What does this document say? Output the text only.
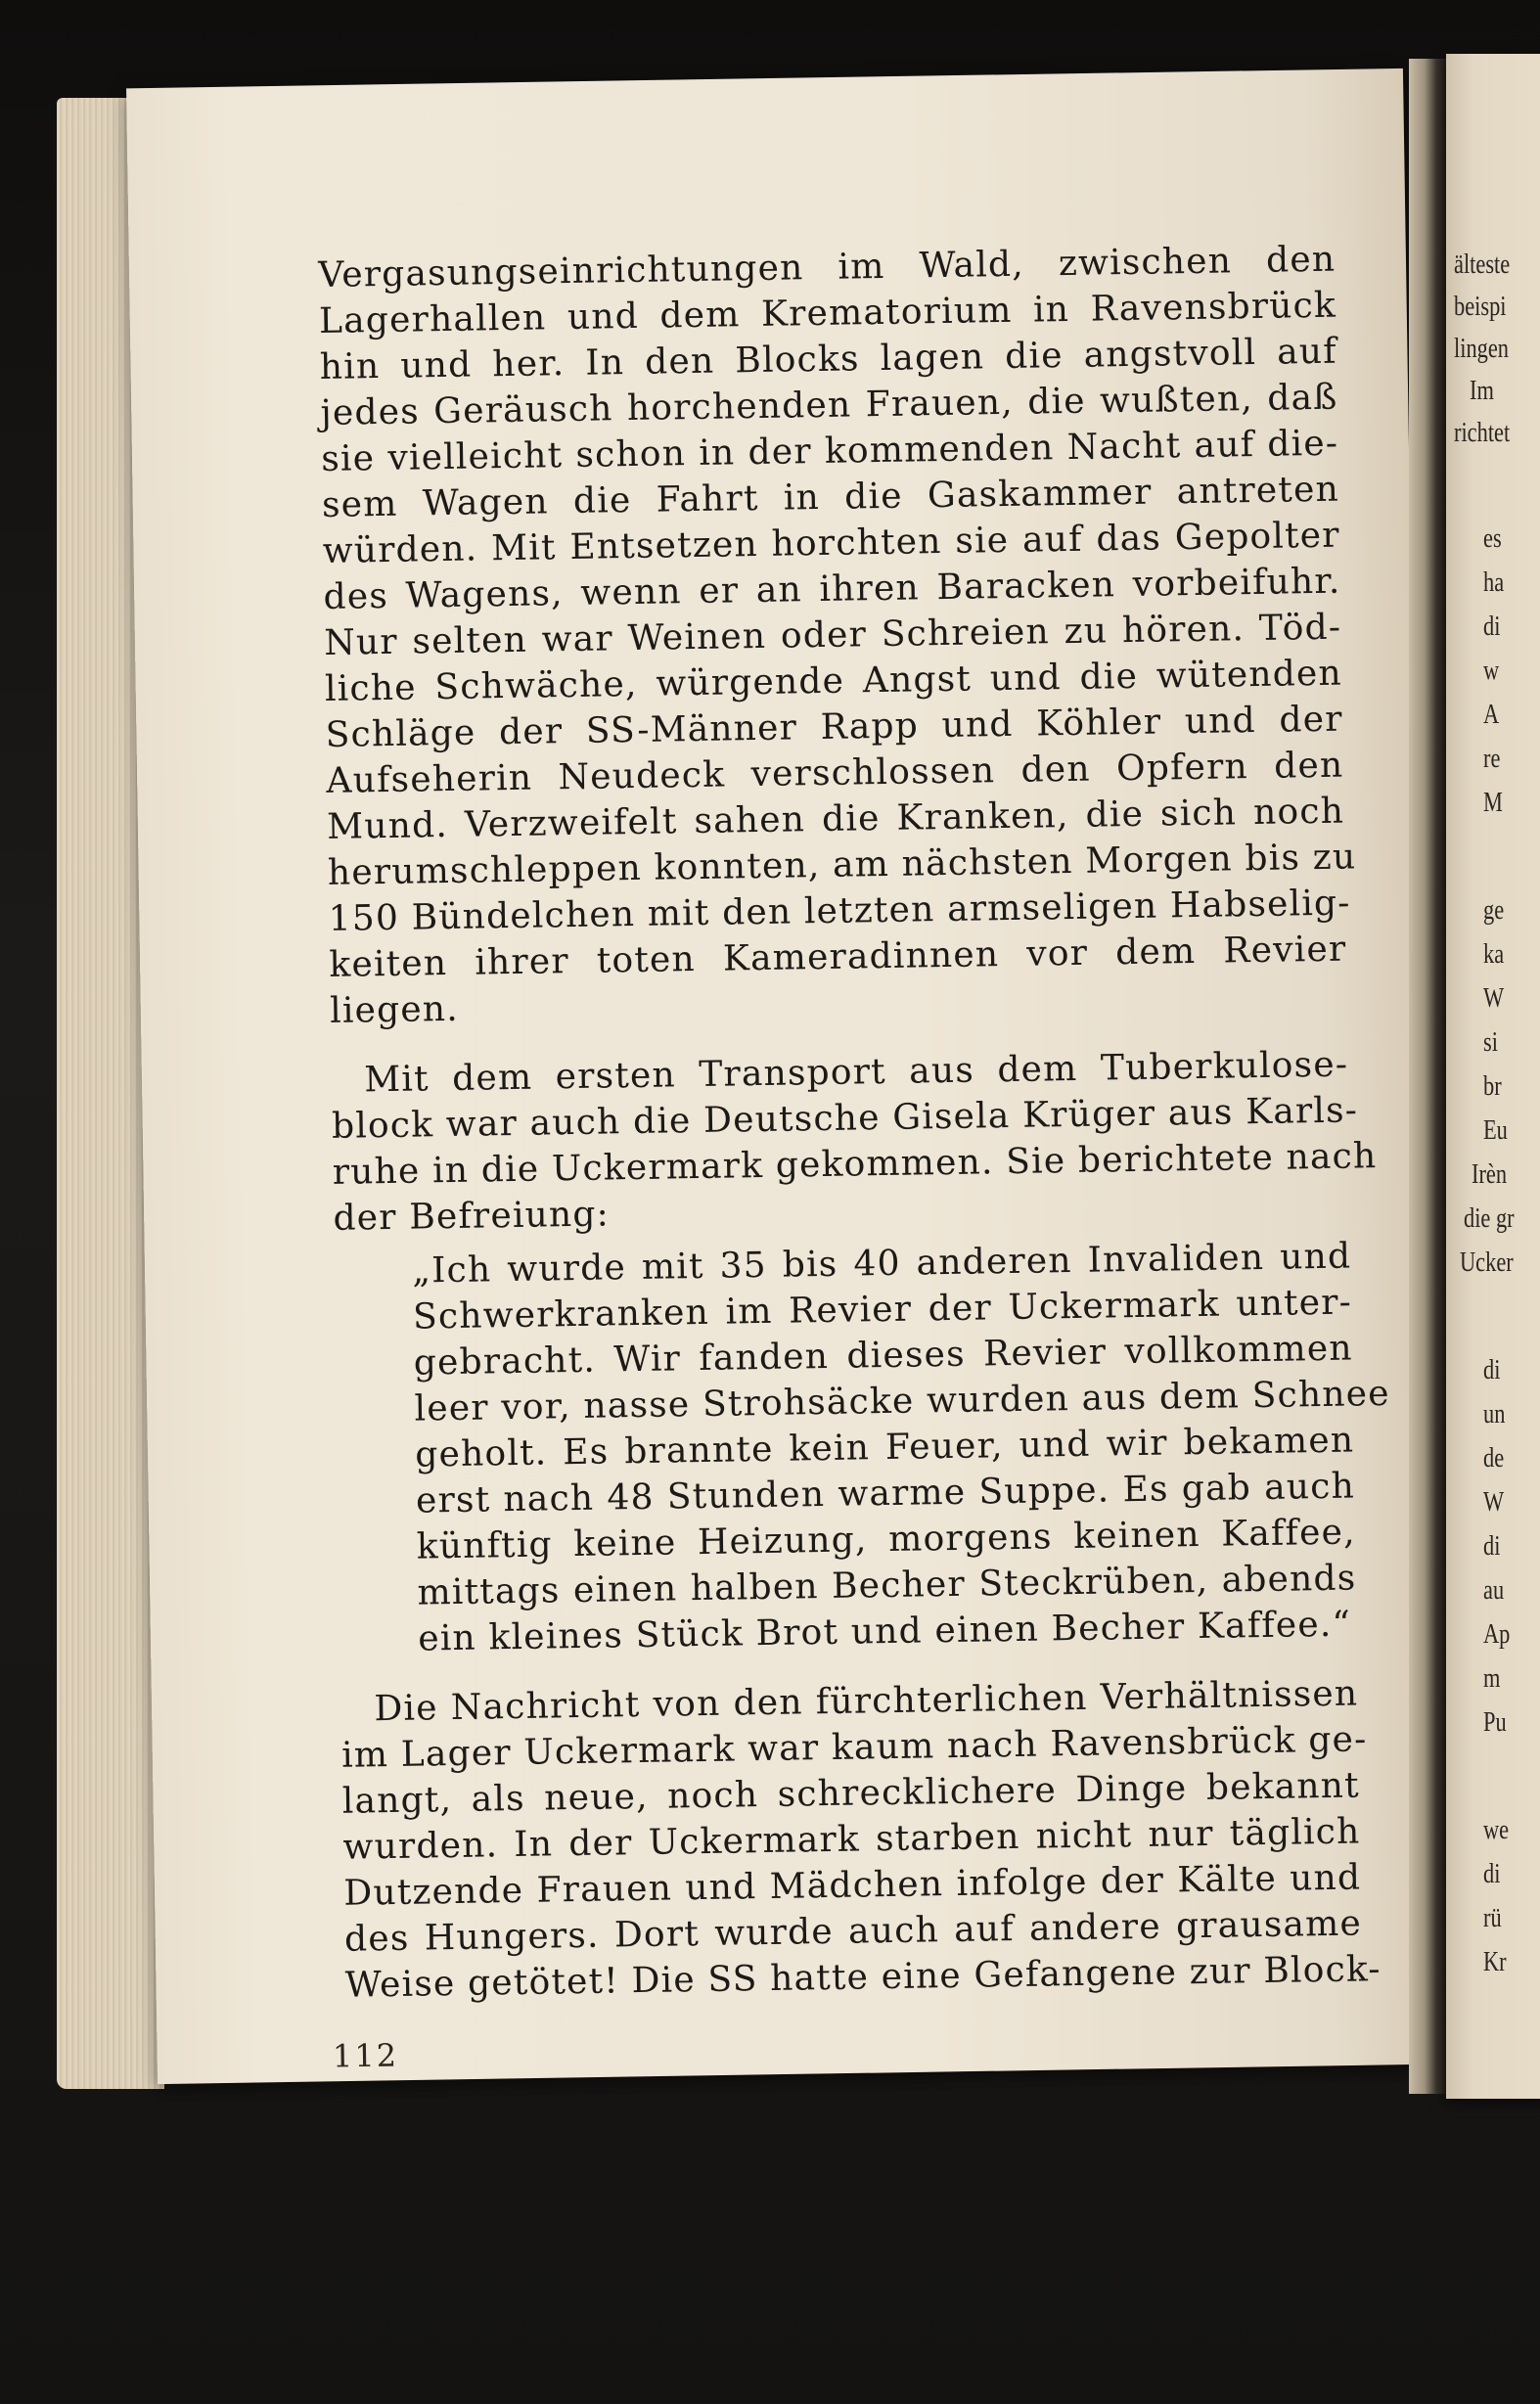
älteste
beispi
lingen
Im
richtet
es
ha
di
w
A
re
M
ge
ka
W
si
br
Eu
Irèn
die gr
Ucker
di
un
de
W
di
au
Ap
m
Pu
we
di
rü
Kr
Vergasungseinrichtungen im Wald, zwischen den
Lagerhallen und dem Krematorium in Ravensbrück
hin und her. In den Blocks lagen die angstvoll auf
jedes Geräusch horchenden Frauen, die wußten, daß
sie vielleicht schon in der kommenden Nacht auf die-
sem Wagen die Fahrt in die Gaskammer antreten
würden. Mit Entsetzen horchten sie auf das Gepolter
des Wagens, wenn er an ihren Baracken vorbeifuhr.
Nur selten war Weinen oder Schreien zu hören. Töd-
liche Schwäche, würgende Angst und die wütenden
Schläge der SS-Männer Rapp und Köhler und der
Aufseherin Neudeck verschlossen den Opfern den
Mund. Verzweifelt sahen die Kranken, die sich noch
herumschleppen konnten, am nächsten Morgen bis zu
150 Bündelchen mit den letzten armseligen Habselig-
keiten ihrer toten Kameradinnen vor dem Revier
liegen.
Mit dem ersten Transport aus dem Tuberkulose-
block war auch die Deutsche Gisela Krüger aus Karls-
ruhe in die Uckermark gekommen. Sie berichtete nach
der Befreiung:
„Ich wurde mit 35 bis 40 anderen Invaliden und
Schwerkranken im Revier der Uckermark unter-
gebracht. Wir fanden dieses Revier vollkommen
leer vor, nasse Strohsäcke wurden aus dem Schnee
geholt. Es brannte kein Feuer, und wir bekamen
erst nach 48 Stunden warme Suppe. Es gab auch
künftig keine Heizung, morgens keinen Kaffee,
mittags einen halben Becher Steckrüben, abends
ein kleines Stück Brot und einen Becher Kaffee.“
Die Nachricht von den fürchterlichen Verhältnissen
im Lager Uckermark war kaum nach Ravensbrück ge-
langt, als neue, noch schrecklichere Dinge bekannt
wurden. In der Uckermark starben nicht nur täglich
Dutzende Frauen und Mädchen infolge der Kälte und
des Hungers. Dort wurde auch auf andere grausame
Weise getötet! Die SS hatte eine Gefangene zur Block-
112
